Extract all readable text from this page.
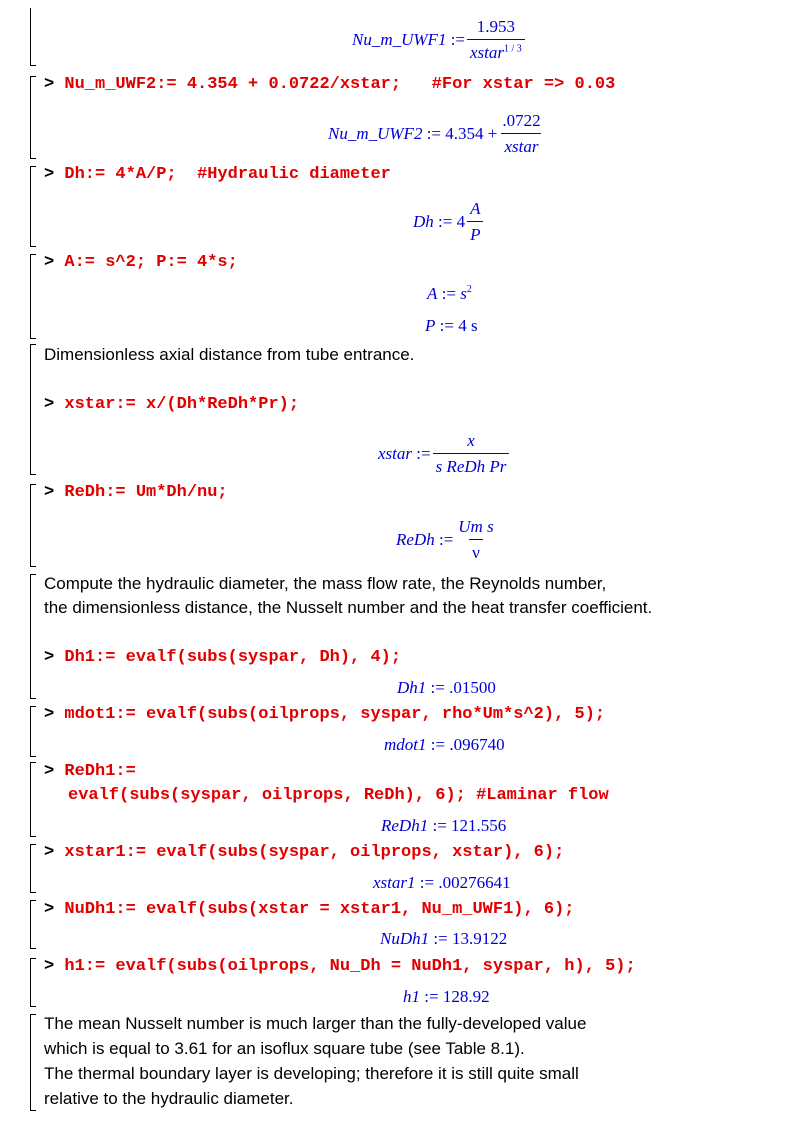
Nu_m_UWF1
:= $\frac{1.953}{xstar^{1 / 3}}$
> Nu_m_UWF2:= 4.354 + 0.0722/xstar;   #For xstar => 0.03
Nu_m_UWF2
:=
$4.354 + \frac{.0722}{\text{xstar}}$
> Dh:= 4*A/P;  #Hydraulic diameter
Dh
:=
$4 \frac{A}{P}$
> A:= s^2; P:= 4*s;
A
:=
$s^2$
P
:=
4 s
Dimensionless axial distance from tube entrance.
> xstar:= x/(Dh*ReDh*Pr);
xstar
:= $\frac{x}{\text{s ReDh Pr}}$
> ReDh:= Um*Dh/nu;
ReDh
:= $\frac{\text{Um s}}{\nu}$
Compute the hydraulic diameter, the mass flow rate, the Reynolds number,
the dimensionless distance, the Nusselt number and the heat transfer coefficient.
> Dh1:= evalf(subs(syspar, Dh), 4);
Dh1
:=
.01500
> mdot1:= evalf(subs(oilprops, syspar, rho*Um*s^2), 5);
mdot1
:=
.096740
> ReDh1:=
evalf(subs(syspar, oilprops, ReDh), 6); #Laminar flow
ReDh1
:=
121.556
> xstar1:= evalf(subs(syspar, oilprops, xstar), 6);
xstar1
:=
.00276641
> NuDh1:= evalf(subs(xstar = xstar1, Nu_m_UWF1), 6);
NuDh1
:=
13.9122
> h1:= evalf(subs(oilprops, Nu_Dh = NuDh1, syspar, h), 5);
h1
:=
128.92
The mean Nusselt number is much larger than the fully-developed value
which is equal to 3.61 for an isoflux square tube (see Table 8.1).
The thermal boundary layer is developing; therefore it is still quite small
relative to the hydraulic diameter.
